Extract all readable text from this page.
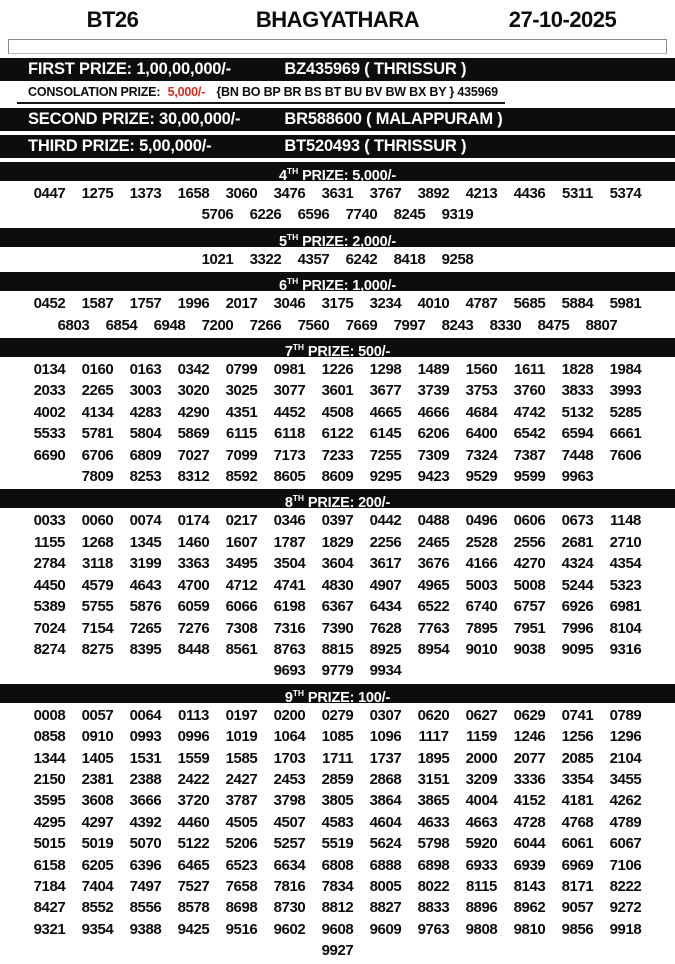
BT26	BHAGYATHARA	27-10-2025
FIRST PRIZE: 1,00,00,000/-	BZ435969 ( THRISSUR )
CONSOLATION PRIZE: 5,000/- {BN BO BP BR BS BT BU BV BW BX BY } 435969
SECOND PRIZE: 30,00,000/-	BR588600 ( MALAPPURAM )
THIRD PRIZE: 5,00,000/-	BT520493 ( THRISSUR )
4TH PRIZE: 5,000/-
0447	1275	1373	1658	3060	3476	3631	3767	3892	4213	4436	5311	5374
5706	6226	6596	7740	8245	9319
5TH PRIZE: 2,000/-
1021	3322	4357	6242	8418	9258
6TH PRIZE: 1,000/-
0452	1587	1757	1996	2017	3046	3175	3234	4010	4787	5685	5884	5981
6803	6854	6948	7200	7266	7560	7669	7997	8243	8330	8475	8807
7TH PRIZE: 500/-
0134	0160	0163	0342	0799	0981	1226	1298	1489	1560	1611	1828	1984
2033	2265	3003	3020	3025	3077	3601	3677	3739	3753	3760	3833	3993
4002	4134	4283	4290	4351	4452	4508	4665	4666	4684	4742	5132	5285
5533	5781	5804	5869	6115	6118	6122	6145	6206	6400	6542	6594	6661
6690	6706	6809	7027	7099	7173	7233	7255	7309	7324	7387	7448	7606
7809	8253	8312	8592	8605	8609	9295	9423	9529	9599	9963
8TH PRIZE: 200/-
0033	0060	0074	0174	0217	0346	0397	0442	0488	0496	0606	0673	1148
1155	1268	1345	1460	1607	1787	1829	2256	2465	2528	2556	2681	2710
2784	3118	3199	3363	3495	3504	3604	3617	3676	4166	4270	4324	4354
4450	4579	4643	4700	4712	4741	4830	4907	4965	5003	5008	5244	5323
5389	5755	5876	6059	6066	6198	6367	6434	6522	6740	6757	6926	6981
7024	7154	7265	7276	7308	7316	7390	7628	7763	7895	7951	7996	8104
8274	8275	8395	8448	8561	8763	8815	8925	8954	9010	9038	9095	9316
9693	9779	9934
9TH PRIZE: 100/-
0008	0057	0064	0113	0197	0200	0279	0307	0620	0627	0629	0741	0789
0858	0910	0993	0996	1019	1064	1085	1096	1117	1159	1246	1256	1296
1344	1405	1531	1559	1585	1703	1711	1737	1895	2000	2077	2085	2104
2150	2381	2388	2422	2427	2453	2859	2868	3151	3209	3336	3354	3455
3595	3608	3666	3720	3787	3798	3805	3864	3865	4004	4152	4181	4262
4295	4297	4392	4460	4505	4507	4583	4604	4633	4663	4728	4768	4789
5015	5019	5070	5122	5206	5257	5519	5624	5798	5920	6044	6061	6067
6158	6205	6396	6465	6523	6634	6808	6888	6898	6933	6939	6969	7106
7184	7404	7497	7527	7658	7816	7834	8005	8022	8115	8143	8171	8222
8427	8552	8556	8578	8698	8730	8812	8827	8833	8896	8962	9057	9272
9321	9354	9388	9425	9516	9602	9608	9609	9763	9808	9810	9856	9918
9927
